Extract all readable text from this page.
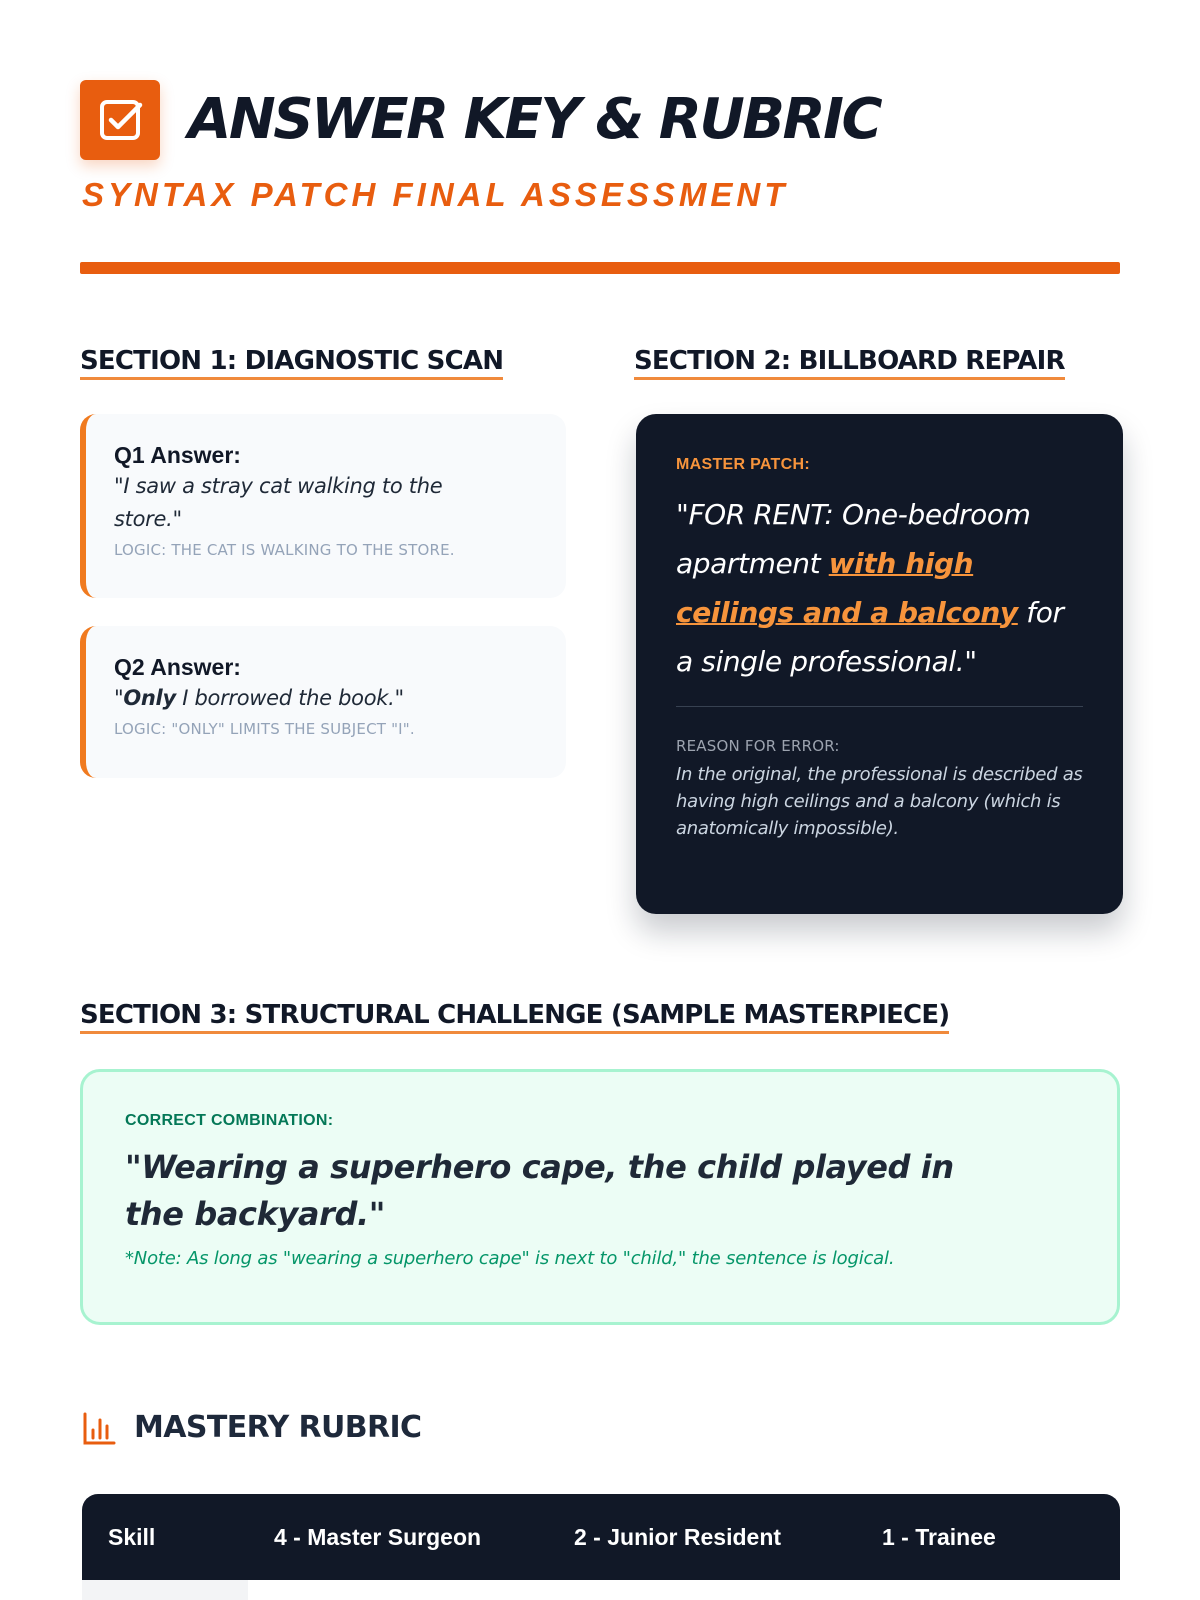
ANSWER KEY & RUBRIC
SYNTAX PATCH FINAL ASSESSMENT
SECTION 1: DIAGNOSTIC SCAN
Q1 Answer:
"I saw a stray cat walking to the store."
LOGIC: THE CAT IS WALKING TO THE STORE.
Q2 Answer:
"Only I borrowed the book."
LOGIC: "ONLY" LIMITS THE SUBJECT "I".
SECTION 2: BILLBOARD REPAIR
MASTER PATCH:
"FOR RENT: One-bedroom apartment with high ceilings and a balcony for a single professional."
REASON FOR ERROR:
In the original, the professional is described as having high ceilings and a balcony (which is anatomically impossible).
SECTION 3: STRUCTURAL CHALLENGE (SAMPLE MASTERPIECE)
CORRECT COMBINATION:
"Wearing a superhero cape, the child played in the backyard."
*Note: As long as "wearing a superhero cape" is next to "child," the sentence is logical.
MASTERY RUBRIC
Skill	4 - Master Surgeon	2 - Junior Resident	1 - Trainee
